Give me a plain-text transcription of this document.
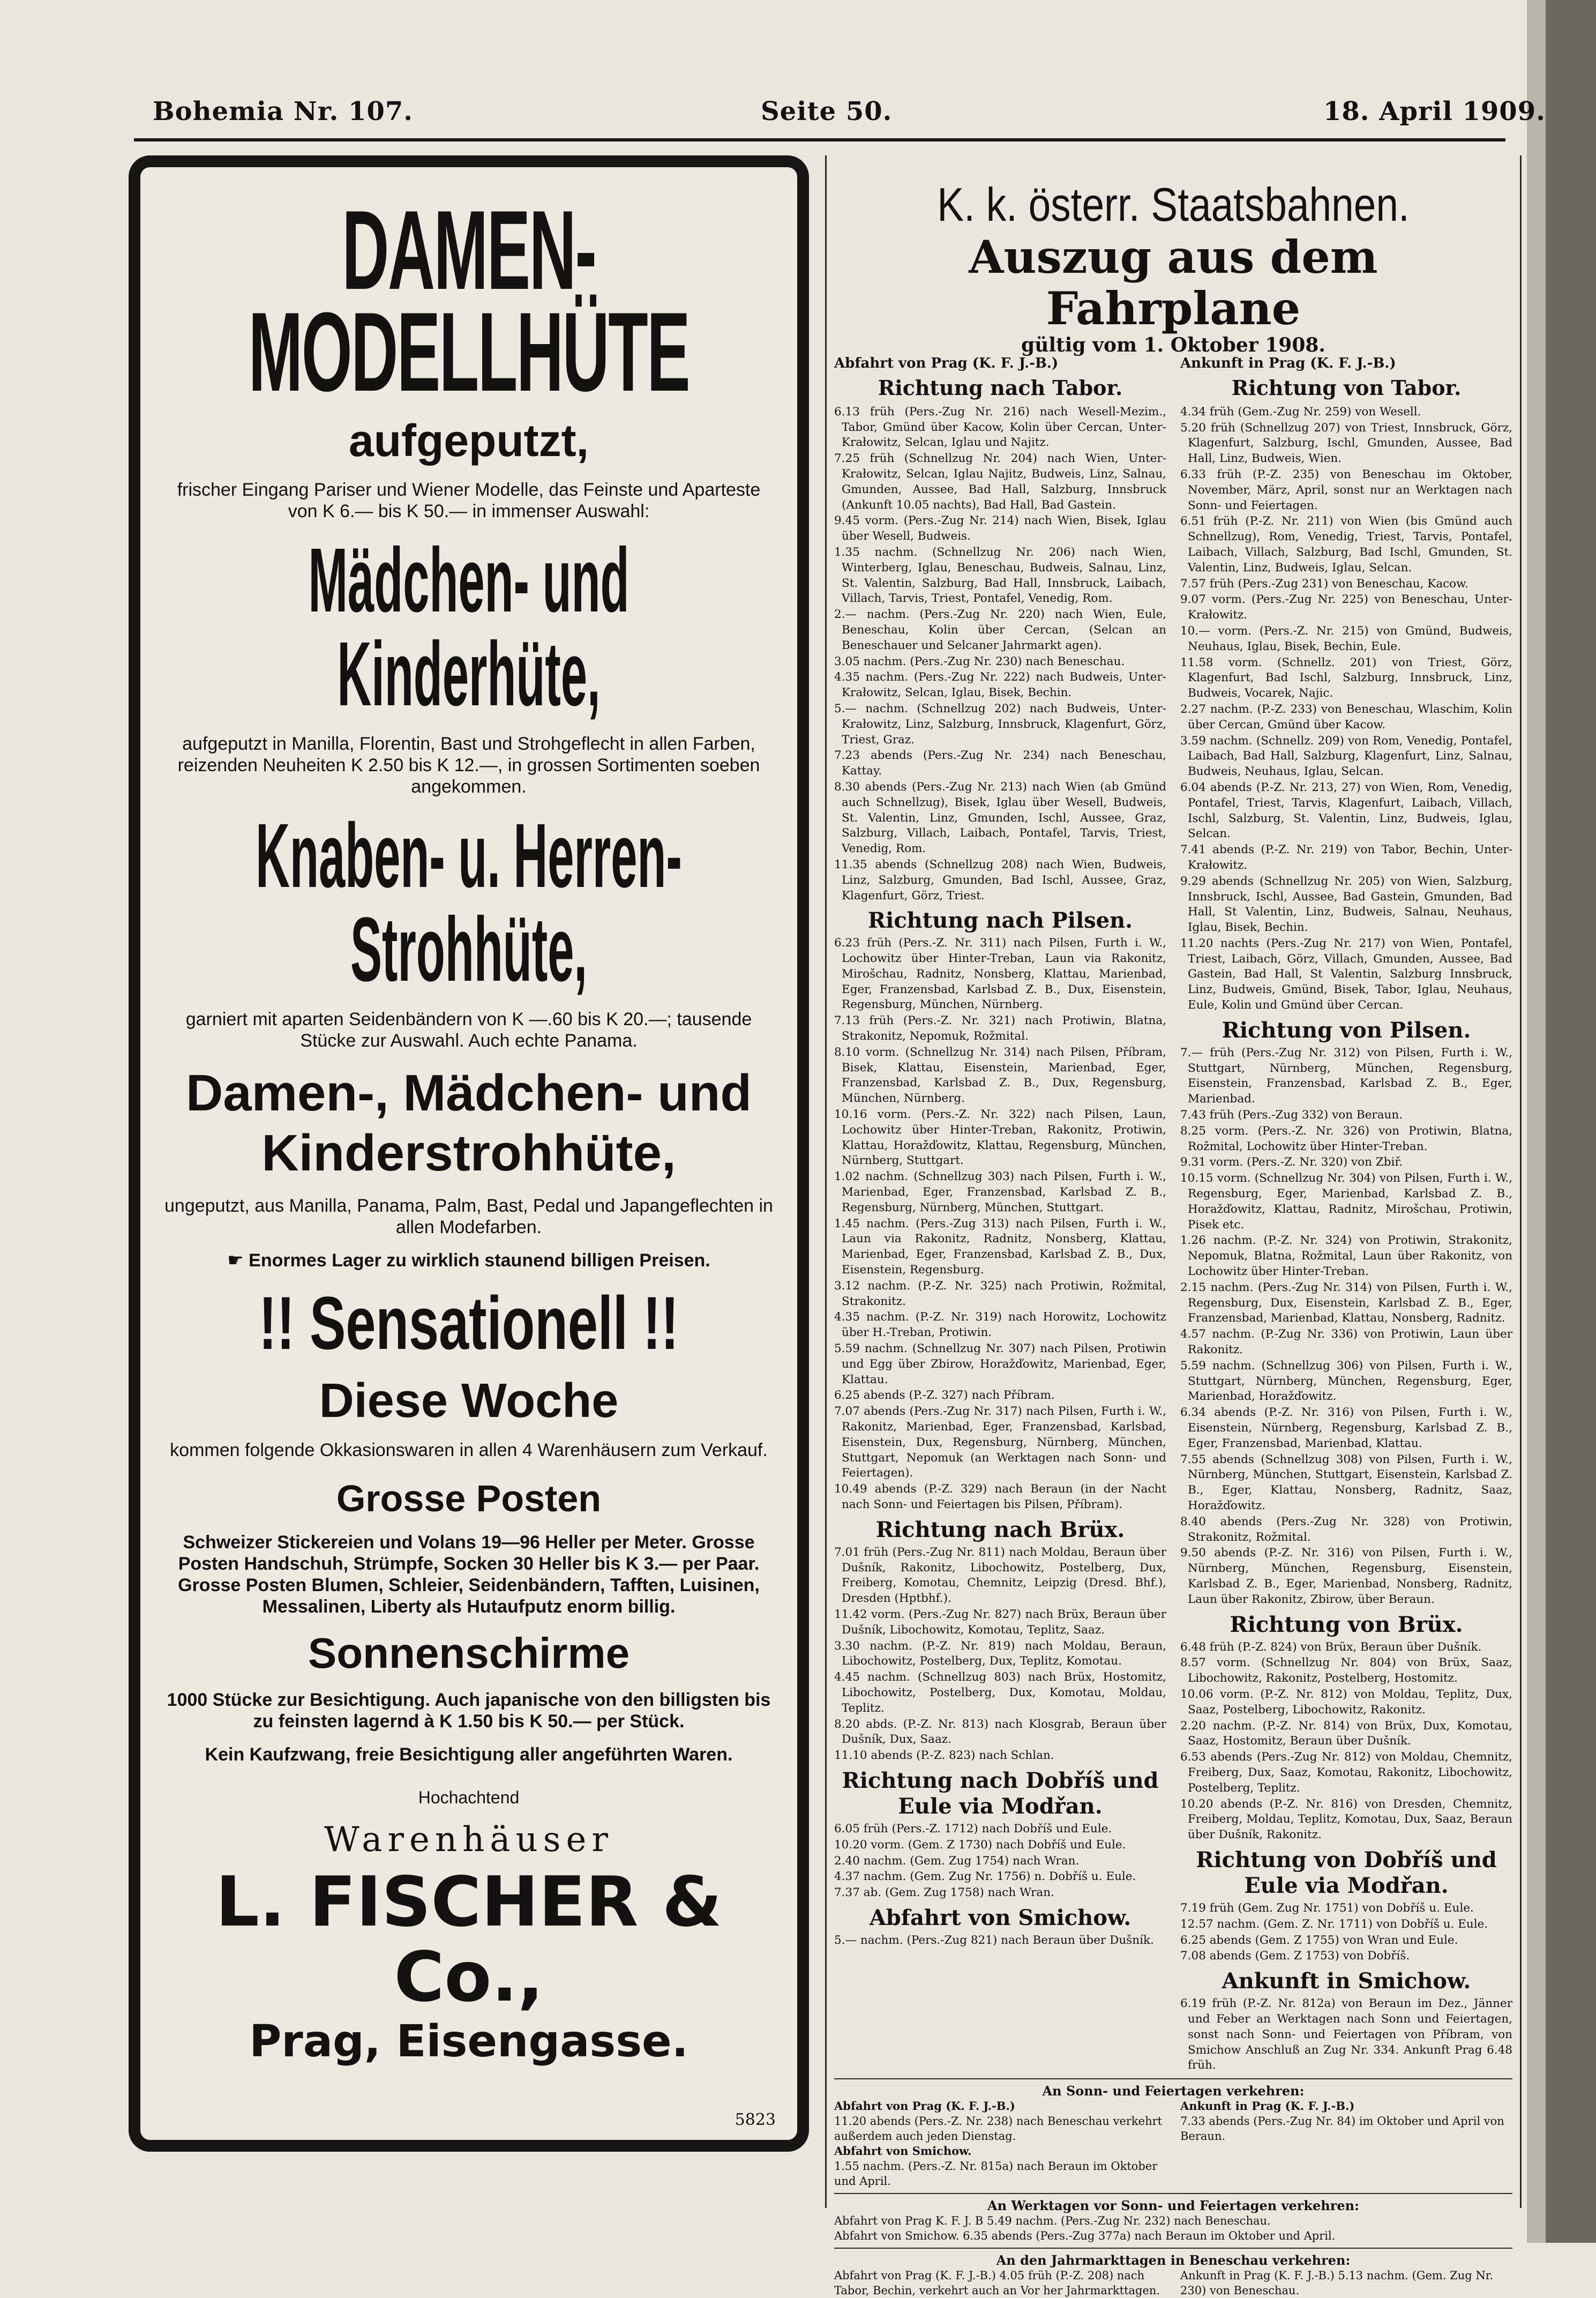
Bohemia Nr. 107.	Seite 50.	18. April 1909.
DAMEN-
MODELLHÜTE
aufgeputzt,
frischer Eingang Pariser und Wiener Modelle, das Feinste und Aparteste von K 6.— bis K 50.— in immenser Auswahl:
Mädchen- und Kinderhüte,
aufgeputzt in Manilla, Florentin, Bast und Strohgeflecht in allen Farben, reizenden Neuheiten K 2.50 bis K 12.—, in grossen Sortimenten soeben angekommen.
Knaben- u. Herren-Strohhüte,
garniert mit aparten Seidenbändern von K —.60 bis K 20.—; tausende Stücke zur Auswahl. Auch echte Panama.
Damen-, Mädchen- und Kinderstrohhüte,
ungeputzt, aus Manilla, Panama, Palm, Bast, Pedal und Japangeflechten in allen Modefarben.
☛ Enormes Lager zu wirklich staunend billigen Preisen.
!! Sensationell !!
Diese Woche
kommen folgende Okkasionswaren in allen 4 Warenhäusern zum Verkauf.
Grosse Posten
Schweizer Stickereien und Volans 19—96 Heller per Meter. Grosse Posten Handschuh, Strümpfe, Socken 30 Heller bis K 3.— per Paar. Grosse Posten Blumen, Schleier, Seidenbändern, Tafften, Luisinen, Messalinen, Liberty als Hutaufputz enorm billig.
Sonnenschirme
1000 Stücke zur Besichtigung. Auch japanische von den billigsten bis zu feinsten lagernd à K 1.50 bis K 50.— per Stück.
Kein Kaufzwang, freie Besichtigung aller angeführten Waren.
Hochachtend
Warenhäuser
L. FISCHER & Co.,
Prag, Eisengasse.
5823
K. k. österr. Staatsbahnen.
Auszug aus dem Fahrplane
gültig vom 1. Oktober 1908.
Abfahrt von Prag (K. F. J.-B.)
Richtung nach Tabor.

6.13 früh (Pers.-Zug Nr. 216) nach Wesell-Mezim., Tabor, Gmünd über Kacow, Kolin über Cercan, Unter-Krałowitz, Selcan, Iglau und Najitz.

7.25 früh (Schnellzug Nr. 204) nach Wien, Unter-Krałowitz, Selcan, Iglau Najitz, Budweis, Linz, Salnau, Gmunden, Aussee, Bad Hall, Salzburg, Innsbruck (Ankunft 10.05 nachts), Bad Hall, Bad Gastein.

9.45 vorm. (Pers.-Zug Nr. 214) nach Wien, Bisek, Iglau über Wesell, Budweis.

1.35 nachm. (Schnellzug Nr. 206) nach Wien, Winterberg, Iglau, Beneschau, Budweis, Salnau, Linz, St. Valentin, Salzburg, Bad Hall, Innsbruck, Laibach, Villach, Tarvis, Triest, Pontafel, Venedig, Rom.

2.— nachm. (Pers.-Zug Nr. 220) nach Wien, Eule, Beneschau, Kolin über Cercan, (Selcan an Beneschauer und Selcaner Jahrmarkt agen).

3.05 nachm. (Pers.-Zug Nr. 230) nach Beneschau.

4.35 nachm. (Pers.-Zug Nr. 222) nach Budweis, Unter-Krałowitz, Selcan, Iglau, Bisek, Bechin.

5.— nachm. (Schnellzug 202) nach Budweis, Unter-Krałowitz, Linz, Salzburg, Innsbruck, Klagenfurt, Görz, Triest, Graz.

7.23 abends (Pers.-Zug Nr. 234) nach Beneschau, Kattay.

8.30 abends (Pers.-Zug Nr. 213) nach Wien (ab Gmünd auch Schnellzug), Bisek, Iglau über Wesell, Budweis, St. Valentin, Linz, Gmunden, Ischl, Aussee, Graz, Salzburg, Villach, Laibach, Pontafel, Tarvis, Triest, Venedig, Rom.

11.35 abends (Schnellzug 208) nach Wien, Budweis, Linz, Salzburg, Gmunden, Bad Ischl, Aussee, Graz, Klagenfurt, Görz, Triest.

Richtung nach Pilsen.

6.23 früh (Pers.-Z. Nr. 311) nach Pilsen, Furth i. W., Lochowitz über Hinter-Treban, Laun via Rakonitz, Mirošchau, Radnitz, Nonsberg, Klattau, Marienbad, Eger, Franzensbad, Karlsbad Z. B., Dux, Eisenstein, Regensburg, München, Nürnberg.

7.13 früh (Pers.-Z. Nr. 321) nach Protiwin, Blatna, Strakonitz, Nepomuk, Rožmital.

8.10 vorm. (Schnellzug Nr. 314) nach Pilsen, Příbram, Bisek, Klattau, Eisenstein, Marienbad, Eger, Franzensbad, Karlsbad Z. B., Dux, Regensburg, München, Nürnberg.

10.16 vorm. (Pers.-Z. Nr. 322) nach Pilsen, Laun, Lochowitz über Hinter-Treban, Rakonitz, Protiwin, Klattau, Horažďowitz, Klattau, Regensburg, München, Nürnberg, Stuttgart.

1.02 nachm. (Schnellzug 303) nach Pilsen, Furth i. W., Marienbad, Eger, Franzensbad, Karlsbad Z. B., Regensburg, Nürnberg, München, Stuttgart.

1.45 nachm. (Pers.-Zug 313) nach Pilsen, Furth i. W., Laun via Rakonitz, Radnitz, Nonsberg, Klattau, Marienbad, Eger, Franzensbad, Karlsbad Z. B., Dux, Eisenstein, Regensburg.

3.12 nachm. (P.-Z. Nr. 325) nach Protiwin, Rožmital, Strakonitz.

4.35 nachm. (P.-Z. Nr. 319) nach Horowitz, Lochowitz über H.-Treban, Protiwin.

5.59 nachm. (Schnellzug Nr. 307) nach Pilsen, Protiwin und Egg über Zbirow, Horažďowitz, Marienbad, Eger, Klattau.

6.25 abends (P.-Z. 327) nach Příbram.

7.07 abends (Pers.-Zug Nr. 317) nach Pilsen, Furth i. W., Rakonitz, Marienbad, Eger, Franzensbad, Karlsbad, Eisenstein, Dux, Regensburg, Nürnberg, München, Stuttgart, Nepomuk (an Werktagen nach Sonn- und Feiertagen).

10.49 abends (P.-Z. 329) nach Beraun (in der Nacht nach Sonn- und Feiertagen bis Pilsen, Příbram).

Richtung nach Brüx.

7.01 früh (Pers.-Zug Nr. 811) nach Moldau, Beraun über Dušník, Rakonitz, Libochowitz, Postelberg, Dux, Freiberg, Komotau, Chemnitz, Leipzig (Dresd. Bhf.), Dresden (Hptbhf.).

11.42 vorm. (Pers.-Zug Nr. 827) nach Brüx, Beraun über Dušník, Libochowitz, Komotau, Teplitz, Saaz.

3.30 nachm. (P.-Z. Nr. 819) nach Moldau, Beraun, Libochowitz, Postelberg, Dux, Teplitz, Komotau.

4.45 nachm. (Schnellzug 803) nach Brüx, Hostomitz, Libochowitz, Postelberg, Dux, Komotau, Moldau, Teplitz.

8.20 abds. (P.-Z. Nr. 813) nach Klosgrab, Beraun über Dušník, Dux, Saaz.

11.10 abends (P.-Z. 823) nach Schlan.

Richtung nach Dobříš und Eule via Modřan.

6.05 früh (Pers.-Z. 1712) nach Dobříš und Eule.

10.20 vorm. (Gem. Z 1730) nach Dobříš und Eule.

2.40 nachm. (Gem. Zug 1754) nach Wran.

4.37 nachm. (Gem. Zug Nr. 1756) n. Dobříš u. Eule.

7.37 ab. (Gem. Zug 1758) nach Wran.

Abfahrt von Smichow.

5.— nachm. (Pers.-Zug 821) nach Beraun über Dušník.

Ankunft in Prag (K. F. J.-B.)
Richtung von Tabor.

4.34 früh (Gem.-Zug Nr. 259) von Wesell.

5.20 früh (Schnellzug 207) von Triest, Innsbruck, Görz, Klagenfurt, Salzburg, Ischl, Gmunden, Aussee, Bad Hall, Linz, Budweis, Wien.

6.33 früh (P.-Z. 235) von Beneschau im Oktober, November, März, April, sonst nur an Werktagen nach Sonn- und Feiertagen.

6.51 früh (P.-Z. Nr. 211) von Wien (bis Gmünd auch Schnellzug), Rom, Venedig, Triest, Tarvis, Pontafel, Laibach, Villach, Salzburg, Bad Ischl, Gmunden, St. Valentin, Linz, Budweis, Iglau, Selcan.

7.57 früh (Pers.-Zug 231) von Beneschau, Kacow.

9.07 vorm. (Pers.-Zug Nr. 225) von Beneschau, Unter-Krałowitz.

10.— vorm. (Pers.-Z. Nr. 215) von Gmünd, Budweis, Neuhaus, Iglau, Bisek, Bechin, Eule.

11.58 vorm. (Schnellz. 201) von Triest, Görz, Klagenfurt, Bad Ischl, Salzburg, Innsbruck, Linz, Budweis, Vocarek, Najic.

2.27 nachm. (P.-Z. 233) von Beneschau, Wlaschim, Kolin über Cercan, Gmünd über Kacow.

3.59 nachm. (Schnellz. 209) von Rom, Venedig, Pontafel, Laibach, Bad Hall, Salzburg, Klagenfurt, Linz, Salnau, Budweis, Neuhaus, Iglau, Selcan.

6.04 abends (P.-Z. Nr. 213, 27) von Wien, Rom, Venedig, Pontafel, Triest, Tarvis, Klagenfurt, Laibach, Villach, Ischl, Salzburg, St. Valentin, Linz, Budweis, Iglau, Selcan.

7.41 abends (P.-Z. Nr. 219) von Tabor, Bechin, Unter-Krałowitz.

9.29 abends (Schnellzug Nr. 205) von Wien, Salzburg, Innsbruck, Ischl, Aussee, Bad Gastein, Gmunden, Bad Hall, St Valentin, Linz, Budweis, Salnau, Neuhaus, Iglau, Bisek, Bechin.

11.20 nachts (Pers.-Zug Nr. 217) von Wien, Pontafel, Triest, Laibach, Görz, Villach, Gmunden, Aussee, Bad Gastein, Bad Hall, St Valentin, Salzburg Innsbruck, Linz, Budweis, Gmünd, Bisek, Tabor, Iglau, Neuhaus, Eule, Kolin und Gmünd über Cercan.

Richtung von Pilsen.

7.— früh (Pers.-Zug Nr. 312) von Pilsen, Furth i. W., Stuttgart, Nürnberg, München, Regensburg, Eisenstein, Franzensbad, Karlsbad Z. B., Eger, Marienbad.

7.43 früh (Pers.-Zug 332) von Beraun.

8.25 vorm. (Pers.-Z. Nr. 326) von Protiwin, Blatna, Rožmital, Lochowitz über Hinter-Treban.

9.31 vorm. (Pers.-Z. Nr. 320) von Zbiř.

10.15 vorm. (Schnellzug Nr. 304) von Pilsen, Furth i. W., Regensburg, Eger, Marienbad, Karlsbad Z. B., Horažďowitz, Klattau, Radnitz, Mirošchau, Protiwin, Pisek etc.

1.26 nachm. (P.-Z. Nr. 324) von Protiwin, Strakonitz, Nepomuk, Blatna, Rožmital, Laun über Rakonitz, von Lochowitz über Hinter-Treban.

2.15 nachm. (Pers.-Zug Nr. 314) von Pilsen, Furth i. W., Regensburg, Dux, Eisenstein, Karlsbad Z. B., Eger, Franzensbad, Marienbad, Klattau, Nonsberg, Radnitz.

4.57 nachm. (P.-Zug Nr. 336) von Protiwin, Laun über Rakonitz.

5.59 nachm. (Schnellzug 306) von Pilsen, Furth i. W., Stuttgart, Nürnberg, München, Regensburg, Eger, Marienbad, Horažďowitz.

6.34 abends (P.-Z. Nr. 316) von Pilsen, Furth i. W., Eisenstein, Nürnberg, Regensburg, Karlsbad Z. B., Eger, Franzensbad, Marienbad, Klattau.

7.55 abends (Schnellzug 308) von Pilsen, Furth i. W., Nürnberg, München, Stuttgart, Eisenstein, Karlsbad Z. B., Eger, Klattau, Nonsberg, Radnitz, Saaz, Horažďowitz.

8.40 abends (Pers.-Zug Nr. 328) von Protiwin, Strakonitz, Rožmital.

9.50 abends (P.-Z. Nr. 316) von Pilsen, Furth i. W., Nürnberg, München, Regensburg, Eisenstein, Karlsbad Z. B., Eger, Marienbad, Nonsberg, Radnitz, Laun über Rakonitz, Zbirow, über Beraun.

Richtung von Brüx.

6.48 früh (P.-Z. 824) von Brüx, Beraun über Dušník.

8.57 vorm. (Schnellzug Nr. 804) von Brüx, Saaz, Libochowitz, Rakonitz, Postelberg, Hostomitz.

10.06 vorm. (P.-Z. Nr. 812) von Moldau, Teplitz, Dux, Saaz, Postelberg, Libochowitz, Rakonitz.

2.20 nachm. (P.-Z. Nr. 814) von Brüx, Dux, Komotau, Saaz, Hostomitz, Beraun über Dušník.

6.53 abends (Pers.-Zug Nr. 812) von Moldau, Chemnitz, Freiberg, Dux, Saaz, Komotau, Rakonitz, Libochowitz, Postelberg, Teplitz.

10.20 abends (P.-Z. Nr. 816) von Dresden, Chemnitz, Freiberg, Moldau, Teplitz, Komotau, Dux, Saaz, Beraun über Dušník, Rakonitz.

Richtung von Dobříš und Eule via Modřan.

7.19 früh (Gem. Zug Nr. 1751) von Dobříš u. Eule.

12.57 nachm. (Gem. Z. Nr. 1711) von Dobříš u. Eule.

6.25 abends (Gem. Z 1755) von Wran und Eule.

7.08 abends (Gem. Z 1753) von Dobříš.

Ankunft in Smichow.

6.19 früh (P.-Z. Nr. 812a) von Beraun im Dez., Jänner und Feber an Werktagen nach Sonn und Feiertagen, sonst nach Sonn- und Feiertagen von Příbram, von Smichow Anschluß an Zug Nr. 334. Ankunft Prag 6.48 früh.

An Sonn- und Feiertagen verkehren:
Abfahrt von Prag (K. F. J.-B.)
11.20 abends (Pers.-Z. Nr. 238) nach Beneschau verkehrt außerdem auch jeden Dienstag.
Abfahrt von Smichow.
1.55 nachm. (Pers.-Z. Nr. 815a) nach Beraun im Oktober und April.
Ankunft in Prag (K. F. J.-B.)
7.33 abends (Pers.-Zug Nr. 84) im Oktober und April von Beraun.
An Werktagen vor Sonn- und Feiertagen verkehren:
Abfahrt von Prag K. F. J. B 5.49 nachm. (Pers.-Zug Nr. 232) nach Beneschau.
Abfahrt von Smichow. 6.35 abends (Pers.-Zug 377a) nach Beraun im Oktober und April.
An den Jahrmarkttagen in Beneschau verkehren:
Abfahrt von Prag (K. F. J.-B.) 4.05 früh (P.-Z. 208) nach Tabor, Bechin, verkehrt auch an Vor her Jahrmarkttagen.
Ankunft in Prag (K. F. J.-B.) 5.13 nachm. (Gem. Zug Nr. 230) von Beneschau.
